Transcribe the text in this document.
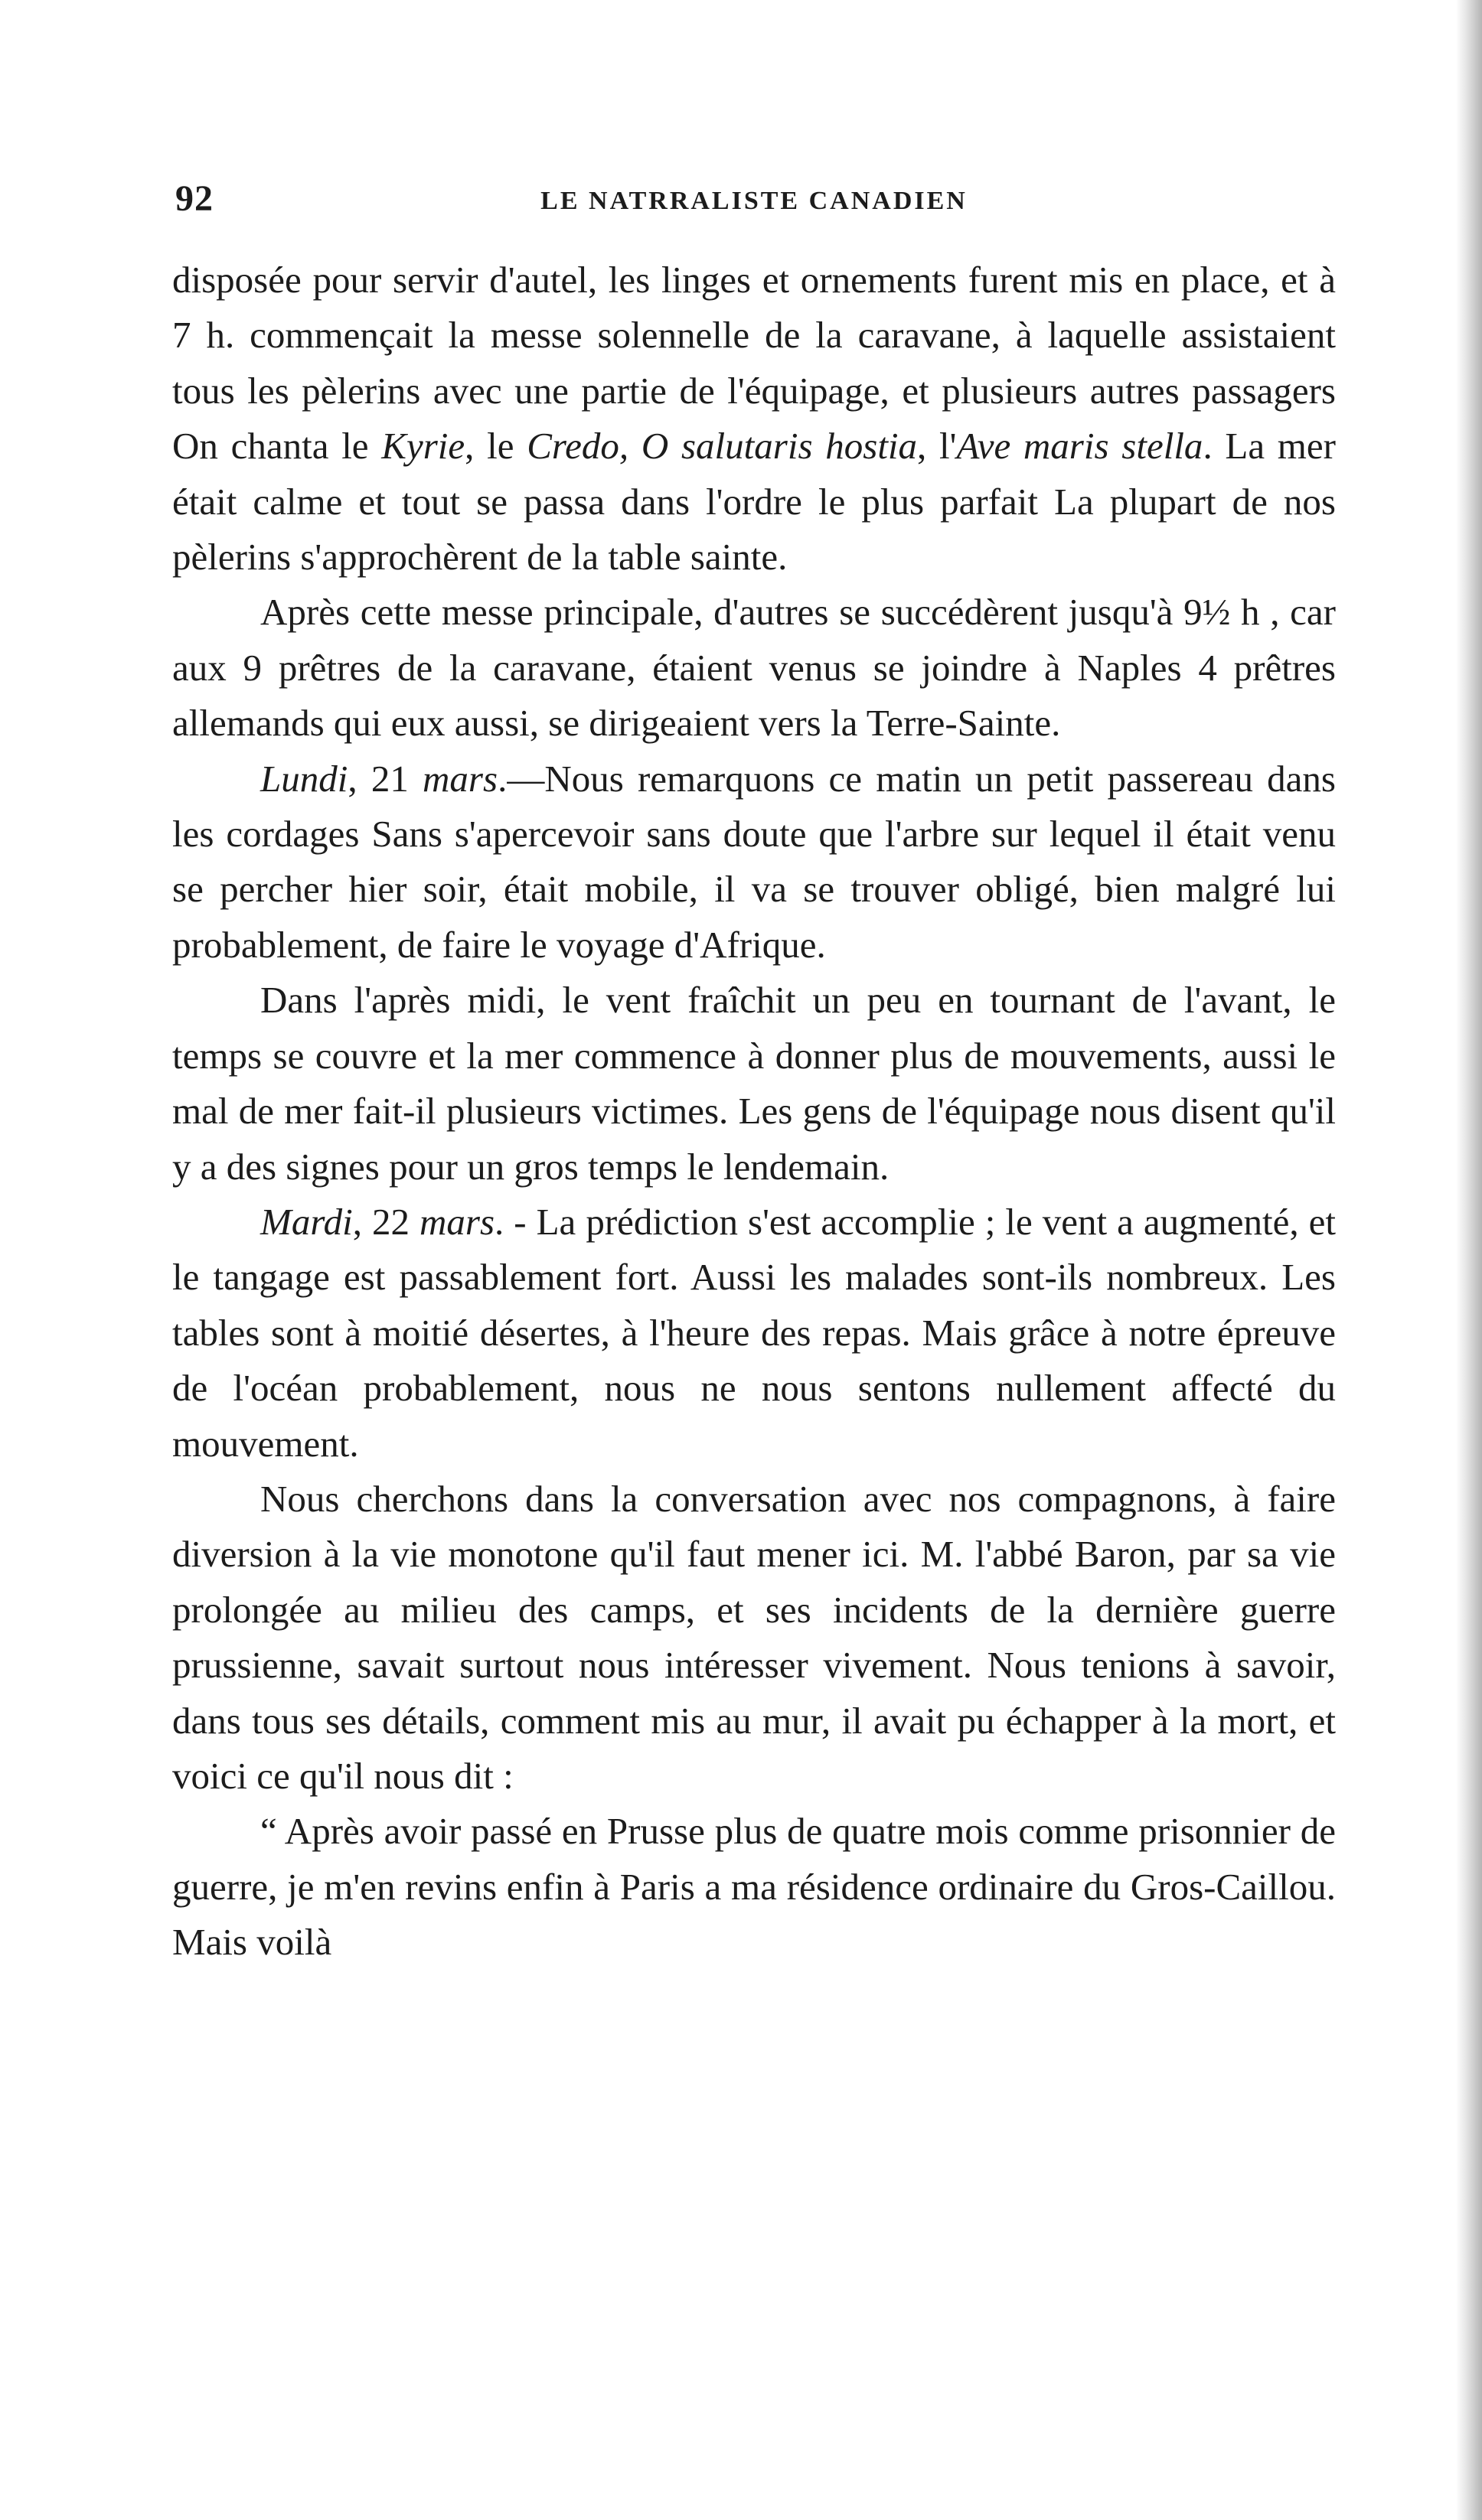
92	LE NATRRALISTE CANADIEN

disposée pour servir d'autel, les linges et ornements furent mis en place, et à 7 h. commençait la messe solennelle de la caravane, à laquelle assistaient tous les pèlerins avec une partie de l'équipage, et plusieurs autres passagers On chanta le Kyrie, le Credo, O salutaris hostia, l'Ave maris stella. La mer était calme et tout se passa dans l'ordre le plus parfait La plupart de nos pèlerins s'approchèrent de la table sainte.

Après cette messe principale, d'autres se succédèrent jusqu'à 9½ h , car aux 9 prêtres de la caravane, étaient venus se joindre à Naples 4 prêtres allemands qui eux aussi, se dirigeaient vers la Terre-Sainte.

Lundi, 21 mars.—Nous remarquons ce matin un petit passereau dans les cordages Sans s'apercevoir sans doute que l'arbre sur lequel il était venu se percher hier soir, était mobile, il va se trouver obligé, bien malgré lui probablement, de faire le voyage d'Afrique.

Dans l'après midi, le vent fraîchit un peu en tournant de l'avant, le temps se couvre et la mer commence à donner plus de mouvements, aussi le mal de mer fait-il plusieurs victimes. Les gens de l'équipage nous disent qu'il y a des signes pour un gros temps le lendemain.

Mardi, 22 mars. - La prédiction s'est accomplie ; le vent a augmenté, et le tangage est passablement fort. Aussi les malades sont-ils nombreux. Les tables sont à moitié désertes, à l'heure des repas. Mais grâce à notre épreuve de l'océan probablement, nous ne nous sentons nullement affecté du mouvement.

Nous cherchons dans la conversation avec nos compagnons, à faire diversion à la vie monotone qu'il faut mener ici. M. l'abbé Baron, par sa vie prolongée au milieu des camps, et ses incidents de la dernière guerre prussienne, savait surtout nous intéresser vivement. Nous tenions à savoir, dans tous ses détails, comment mis au mur, il avait pu échapper à la mort, et voici ce qu'il nous dit :

“ Après avoir passé en Prusse plus de quatre mois comme prisonnier de guerre, je m'en revins enfin à Paris a ma résidence ordinaire du Gros-Caillou. Mais voilà
